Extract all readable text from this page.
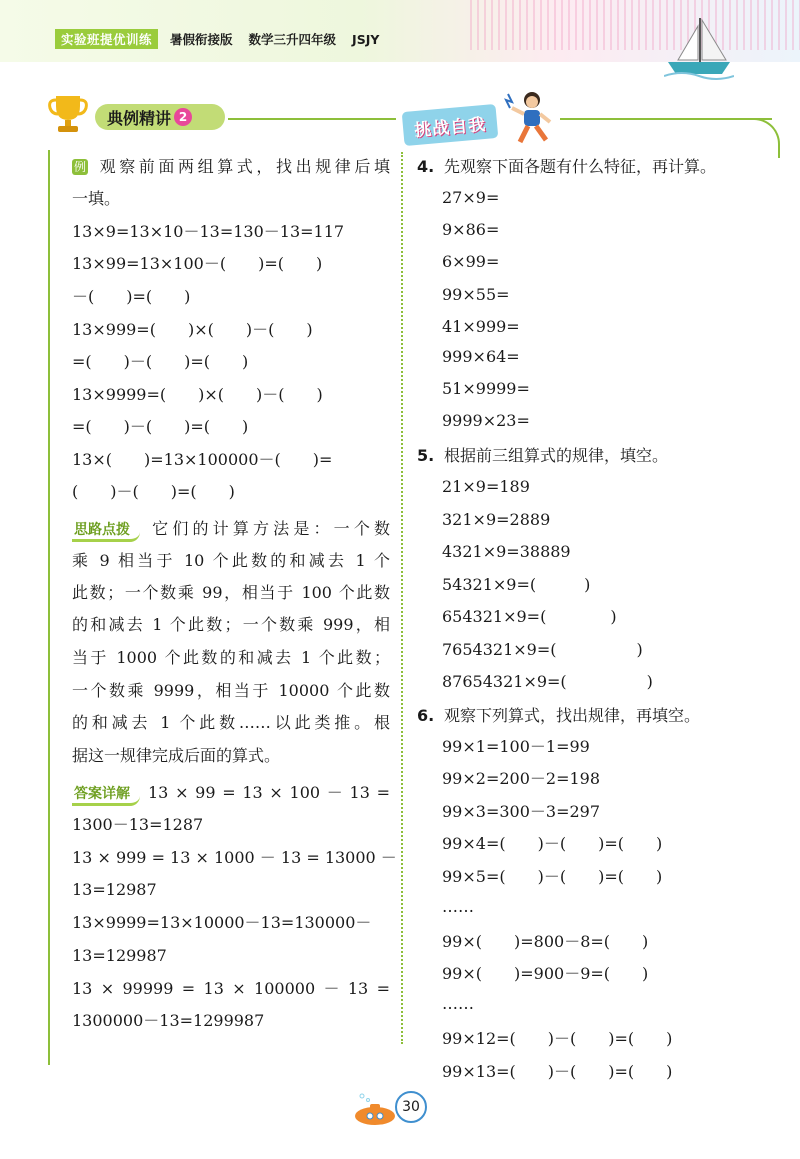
实验班提优训练	暑假衔接版 数学三升四年级 JSJY
典例精讲 2	挑战自我
例 观察前面两组算式，找出规律后填
一填。
13×9=13×10－13=130－13=117
13×99=13×100－(　　)=(　　)
－(　　)=(　　)
13×999=(　　)×(　　)－(　　)
=(　　)－(　　)=(　　)
13×9999=(　　)×(　　)－(　　)
=(　　)－(　　)=(　　)
13×(　　)=13×100000－(　　)=
(　　)－(　　)=(　　)
思路点拨 它们的计算方法是：一个数
乘 9 相当于 10 个此数的和减去 1 个
此数；一个数乘 99，相当于 100 个此数
的和减去 1 个此数；一个数乘 999，相
当于 1000 个此数的和减去 1 个此数；
一个数乘 9999，相当于 10000 个此数
的和减去 1 个此数……以此类推。根
据这一规律完成后面的算式。
答案详解 13 × 99 = 13 × 100 － 13 =
1300－13=1287
13 × 999 = 13 × 1000 － 13 = 13000 －
13=12987
13×9999=13×10000－13=130000－
13=129987
13 × 99999 = 13 × 100000 － 13 =
1300000－13=1299987
4. 先观察下面各题有什么特征，再计算。
27×9=
9×86=
6×99=
99×55=
41×999=
999×64=
51×9999=
9999×23=
5. 根据前三组算式的规律，填空。
21×9=189
321×9=2889
4321×9=38889
54321×9=(　　　)
654321×9=(　　　　)
7654321×9=(　　　　　)
87654321×9=(　　　　　)
6. 观察下列算式，找出规律，再填空。
99×1=100－1=99
99×2=200－2=198
99×3=300－3=297
99×4=(　　)－(　　)=(　　)
99×5=(　　)－(　　)=(　　)
……
99×(　　)=800－8=(　　)
99×(　　)=900－9=(　　)
……
99×12=(　　)－(　　)=(　　)
99×13=(　　)－(　　)=(　　)
30
